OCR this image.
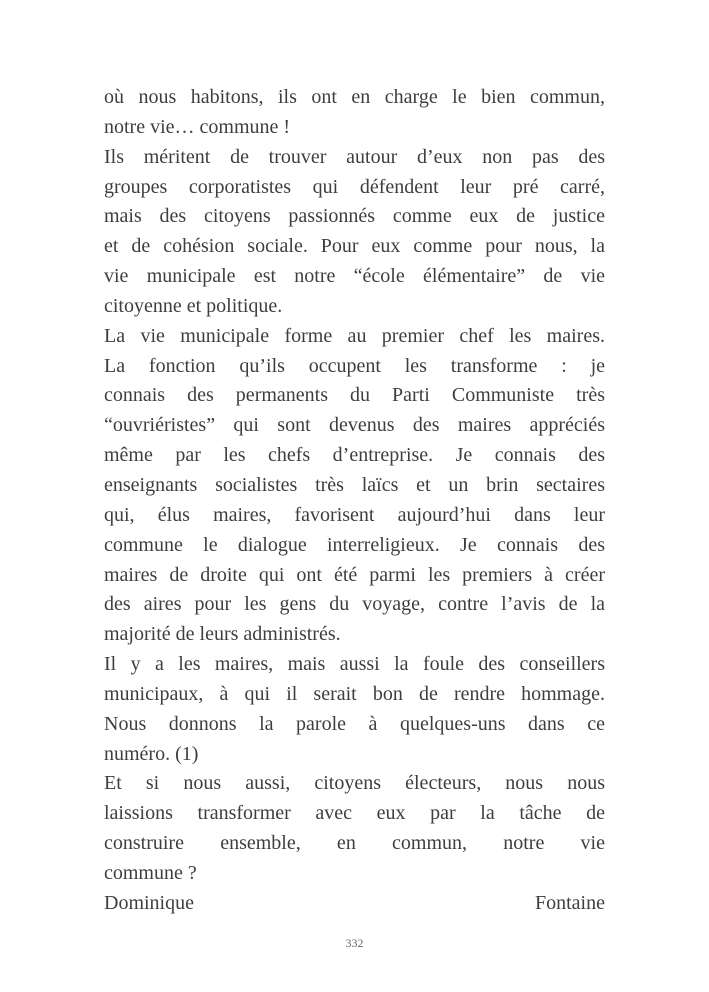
où nous habitons, ils ont en charge le bien commun,
notre vie… commune !
Ils méritent de trouver autour d’eux non pas des
groupes corporatistes qui défendent leur pré carré,
mais des citoyens passionnés comme eux de justice
et de cohésion sociale. Pour eux comme pour nous, la
vie municipale est notre “école élémentaire” de vie
citoyenne et politique.
La vie municipale forme au premier chef les maires.
La fonction qu’ils occupent les transforme : je
connais des permanents du Parti Communiste très
“ouvriéristes” qui sont devenus des maires appréciés
même par les chefs d’entreprise. Je connais des
enseignants socialistes très laïcs et un brin sectaires
qui, élus maires, favorisent aujourd’hui dans leur
commune le dialogue interreligieux. Je connais des
maires de droite qui ont été parmi les premiers à créer
des aires pour les gens du voyage, contre l’avis de la
majorité de leurs administrés.
Il y a les maires, mais aussi la foule des conseillers
municipaux, à qui il serait bon de rendre hommage.
Nous donnons la parole à quelques-uns dans ce
numéro. (1)
Et si nous aussi, citoyens électeurs, nous nous
laissions transformer avec eux par la tâche de
construire ensemble, en commun, notre vie
commune ?
Dominique	Fontaine
332
